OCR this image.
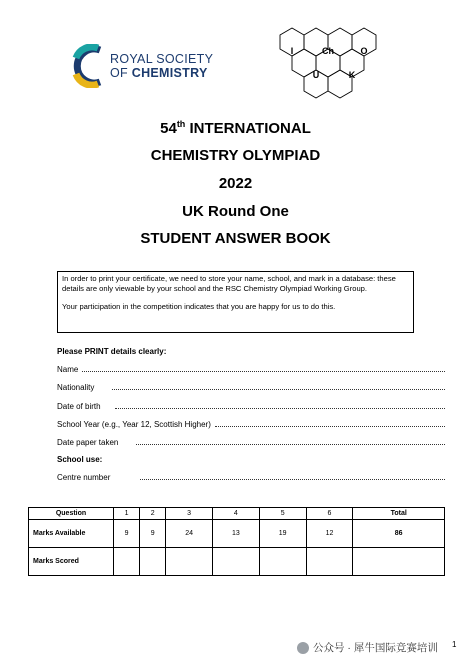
ROYAL SOCIETY
OF CHEMISTRY
I	Ch	O
U	K
54th INTERNATIONAL
CHEMISTRY OLYMPIAD
2022
UK Round One
STUDENT ANSWER BOOK

In order to print your certificate, we need to store your name, school, and mark in a database: these details are only viewable by your school and the RSC Chemistry Olympiad Working Group.

Your participation in the competition indicates that you are happy for us to do this.

Please PRINT details clearly:
Name
Nationality
Date of birth
School Year (e.g., Year 12, Scottish Higher)
Date paper taken
School use:
Centre number
Question	1	2	3	4	5	6	Total
Marks Available	9	9	24	13	19	12	86
Marks Scored							
公众号 · 犀牛国际竞赛培训 1
